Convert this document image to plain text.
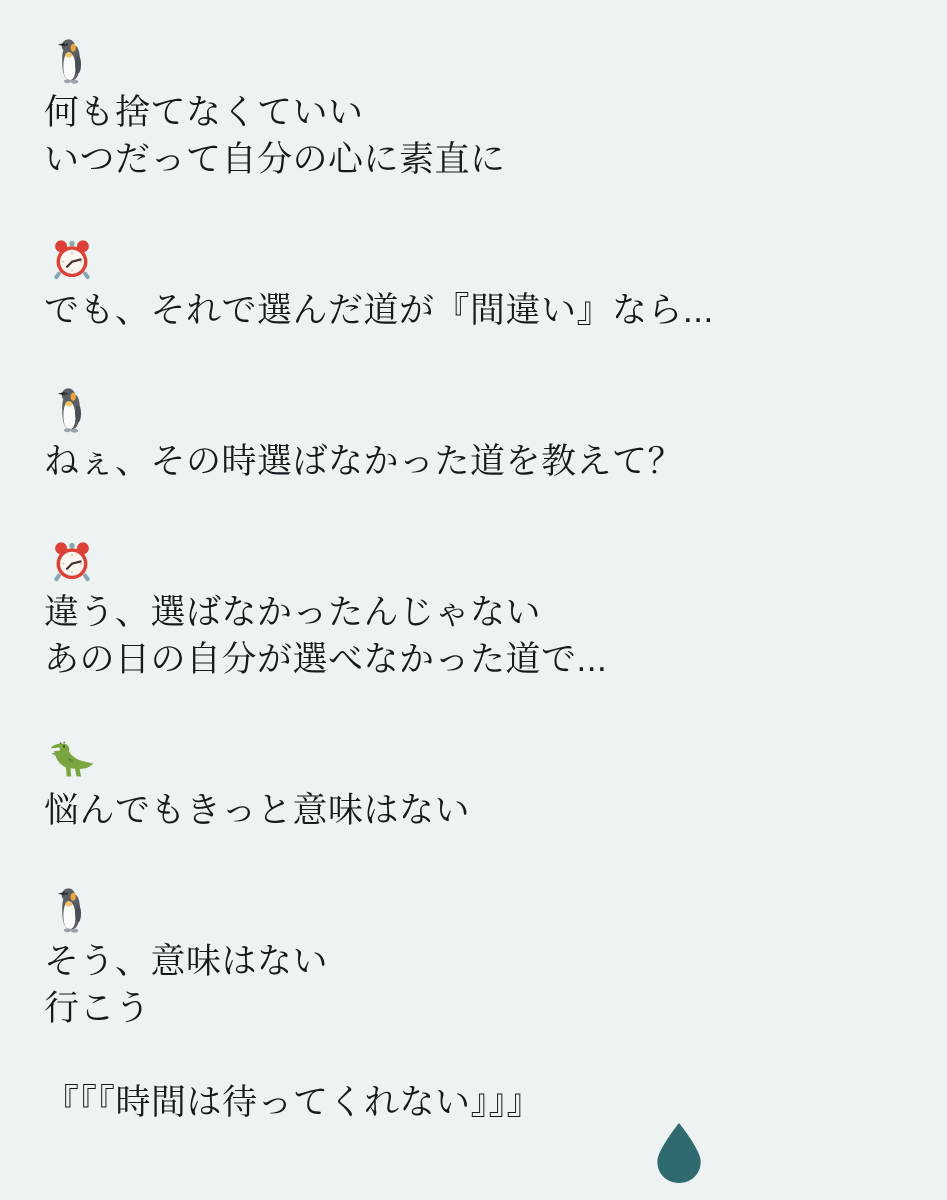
何も捨てなくていい
いつだって自分の心に素直に
でも、それで選んだ道が『間違い』なら...
ねぇ、その時選ばなかった道を教えて？
違う、選ばなかったんじゃない
あの日の自分が選べなかった道で...
悩んでもきっと意味はない
そう、意味はない
行こう
『『『時間は待ってくれない』』』
